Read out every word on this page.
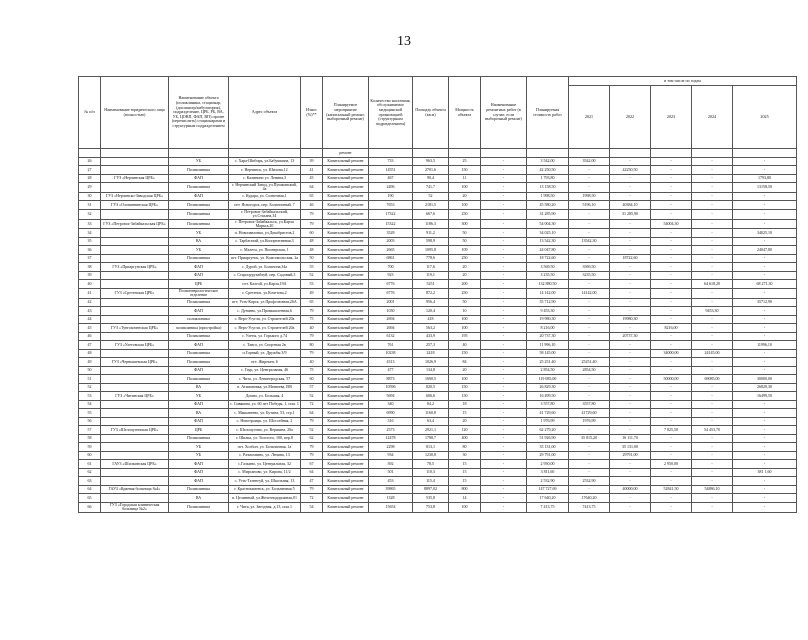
13
№ п/п	Наименование юридического лица (полностью)	Наименование объекта (поликлиника, стационар, (диспансер/амбулатория), подразделение, ЦРБ, РБ, ВА, УБ, ЦОВП, ФАП, ВП) прочее (перечислить) стационарами и структурным подразделением	Адрес объекта	Износ (%)**	Планируемое мероприятие (капитальный ремонт, выборочный ремонт)	Количество населения, обслуживаемое медицинской организацией (структурным подразделением)	Площадь объекта (кв.м)	Мощность объекта	Наименование ремонтных работ (в случае, если выборочный ремонт)	Планируемая стоимость работ	в том числе по годам				
											2021	2022	2023	2024	2025
					ремонт										
26		УБ	с. Хара-Шибирь, ул.Бабушкина, 13	39	Капитальный ремонт	733	963,5	25	-	3 542,00	3542,00	-	-	-	-
27		Поликлиника	г. Нерчинск, ул. Шилова,12	41	Капитальный ремонт	14551	2701,6	150	-	42 250,50	-	42250,50	-	-	-
28	ГУЗ «Нерчинская ЦРБ»	ФАП	с. Калинино ул. Ленина,3	45	Капитальный ремонт	467	90,4	11	-	1 793,80	-	-	-	-	1793,80
29		Поликлиника	г. Нерчинский Завод, ул.Пушкинский, 4а	64	Капитальный ремонт	2496	741,7	100	-	13 158,50	-	-	-	-	13158,50
30	ГУЗ «Нерчинско-Заводская ЦРБ»	ФАП	с. Кудара, ул. Солнечная,1	65	Капитальный ремонт	190	52	20	-	1 998,50	1998,50	-	-	-	-
31	ГУЗ «Оловяннинская ЦРБ»	Поликлиника	пгт. Ясногорск, пер. Больничный, 7	46	Капитальный ремонт	7653	2181,5	100	-	45 580,20	5196,10	40384,10	-	-	-
32		Поликлиника	г. Петровск-Забайкальский, ул.Стахана,34	79	Капитальный ремонт	17322	667,6	250	-	31 285,90	-	31 285,90	-	-	-
33	ГУЗ «Петровск-Забайкальская ЦРБ»	Поликлиника	г. Петровск-Забайкальск, ул.Карла Маркса,20	79	Капитальный ремонт	15322	1186,3	300	-	54 004,30	-	-	54004,30	-	-
34		УБ	п. Новопавловка, ул.Декабристов,2	60	Капитальный ремонт	3528	911,2	50	-	34 025,10	-	-	-	-	34025,10
35		ВА	с. Тарбагатай, ул.Коопреативная,3	48	Капитальный ремонт	2003	598,9	50	-	13 542,30	13542,30	-	-	-	-
36		УБ	с. Малета, ул. Пионерская, 1	48	Капитальный ремонт	2665	1095,8	109	-	24 047,80	-	-	-	-	24047,80
37		Поликлиника	пгт. Приаргунск, ул. Комсомольская, 2а	50	Капитальный ремонт	6861	778,6	250	-	18 722,60	-	18722,60	-	-	-
38	ГУЗ «Приаргунская ЦРБ»	ФАП	с. Дурой, ул. Больнона,34а	55	Капитальный ремонт	700	117,6	20	-	3 569,50	3569,50	-	-	-	-
39		ФАП	с. Староцурухайтуй, пер. Садовый,3	52	Капитальный ремонт	923	119,1	20	-	3 235,50	3235,50	-	-	-	-
40		ЦРБ	пгт. Калгой, ул.Карла,19А	53	Капитальный ремонт	6776	5251	200	-	132 880,50	-	-	-	64 618,20	68 271,30
41	ГУЗ «Сретенская ЦРБ»	Психоневрологическое отделение	г. Сретенск, ул.Кочетова,2	49	Капитальный ремонт	6776	872,2	250	-	14 142,00	14142,00	-	-	-	-
42		Поликлиника	пгт. Усть-Карск, ул.Профсоюзная,26А	65	Капитальный ремонт	2001	956,4	50	-	35 712,90	-	-	-	-	35712,90
43		ФАП	с. Дунаево, ул.Промышленная,6	79	Капитальный ремонт	1030	120,4	10	-	9 453,30	-	-	-	9453,30	-
44		поликлиника	с. Верх-Усугли, ул. Строителей 20а	75	Капитальный ремонт	2694	418	100	-	19 980,30	-	19980,30	-	-	-
45	ГУЗ «Тунгокоченская ЦРБ»	поликлиника (пристройка)	с. Верх-Усугли, ул. Строителей 20а	40	Капитальный ремонт	2694	563,2	100	-	8 216,00	-	-	8216,00	-	-
46		Поликлиника	с. Улеты, ул. Горького д.74	79	Капитальный ремонт	6132	433,9	195	-	20 737,30	-	20737,30	-	-	-
47	ГУЗ «Улетовская ЦРБ»	ФАП	с. Танга, ул. Спортная 2в	80	Капитальный ремонт	761	257,3	40	-	11 996,10	-	-	-	-	11996,10
48		Поликлиника	п.Горный, ул. Дружбы 3/9	79	Капитальный ремонт	10238	2418	150	-	58 145,00	-	-	34000,00	24145,00	-
49	ГУЗ «Чернышевская ЦРБ»	Поликлиника	пгт. Жирекен, 6	40	Капитальный ремонт	4313	1026,9	84	-	25 251,40	25251,40	-	-	-	-
50		ФАП	с. Гаур, ул. Центральная, 46	75	Капитальный ремонт	477	134,8	20	-	2 854,50	2854,50	-	-	-	-
51		Поликлиника	с. Чита, ул. Ленинградская, 57	60	Капитальный ремонт	8873	1690,5	100	-	119 085,00	-	-	50000,00	69085,00	30000,00
52		ВА	п. Атамановка, ул.Матвеева,19В	57	Капитальный ремонт	10596	820,5	150	-	26 829,30	-	-	-	-	26829,30
53	ГУЗ «Читинская ЦРБ»	УБ	Домна, ул. Большая, 4	52	Капитальный ремонт	5694	606,6	150	-	16 499,50	-	-	-	-	16499,50
54		ФАП	с. Сивякова, ул. 60 лет Победы, 1, пом. 1	72	Капитальный ремонт	340	84,2	18	-	3 557,80	3557,80	-	-	-	-
55		ВА	с. Маккавеево, ул. Бутина, 53, стр.1	64	Капитальный ремонт	6990	1160,8	15	-	41 729,60	41729,60	-	-	-	-
56		ФАП	с. Новотроицк, ул. Шоссейная, 2	79	Капитальный ремонт	316	63,4	20	-	1 976,99	1976,99	-	-	-	-
57	ГУЗ «Шелопугинская ЦРБ»	ЦРБ	с. Шелопугино, ул. Вершина, 20а	52	Капитальный ремонт	2573	2921,1	120	-	62 279,20	-	-	7 825,50	54 453,70	-
58		Поликлиника	г. Шилка, ул. Толстого, 100, пер.8	62	Капитальный ремонт	12478	1788,7	400	-	51 926,90	35 815,20	16 111,70	-	-	-
59		УБ	пгт. Холбон, ул. Больничная, 1а	79	Капитальный ремонт	2298	813,1	80	-	35 131,00	-	35 131,00	-	-	-
60		УБ	с. Размахнино, ул. Ленина, 13	79	Капитальный ремонт	934	1230,8	30	-	29 791,00	-	29791,00	-	-	-
61	ГАУЗ «Шилкинская ЦРБ»	ФАП	с.Галкино, ул. Центральная, 32	67	Капитальный ремонт	392	78,5	15	-	2 950,00	-	-	2 950,00	-	-
62		ФАП	с. Мирсаново, ул. Кирова, 11/2	64	Капитальный ремонт	501	110,3	15	-	3 811,60	-	-	-	-	381 1,60
63		ФАП	с. Усть-Теленгуй, ул. Школьная, 13	47	Капитальный ремонт	453	115,4	15	-	2 532,90	2532,90	-	-	-	-
64	ГАУЗ «Краевая больница №4»	Поликлиника	г. Краснокаменск, ул. Больничная 5	79	Капитальный ремонт	39865	8897,02	800	-	147 727,69	-	40000,00	52841,50	54886,10	-
65		ВА	п. Целинный, ул.Железнодорожная,01	72	Капитальный ремонт	1328	535,8	14	-	17 640,20	17640,20	-	-	-	-
66	ГУЗ «Городская клиническая больница №2»	Поликлиника	г. Чита, ул. Звездная, д.13, пом.1	54	Капитальный ремонт	15654	753,8	100	-	7 413,75	7413,75	-	-	-	-
